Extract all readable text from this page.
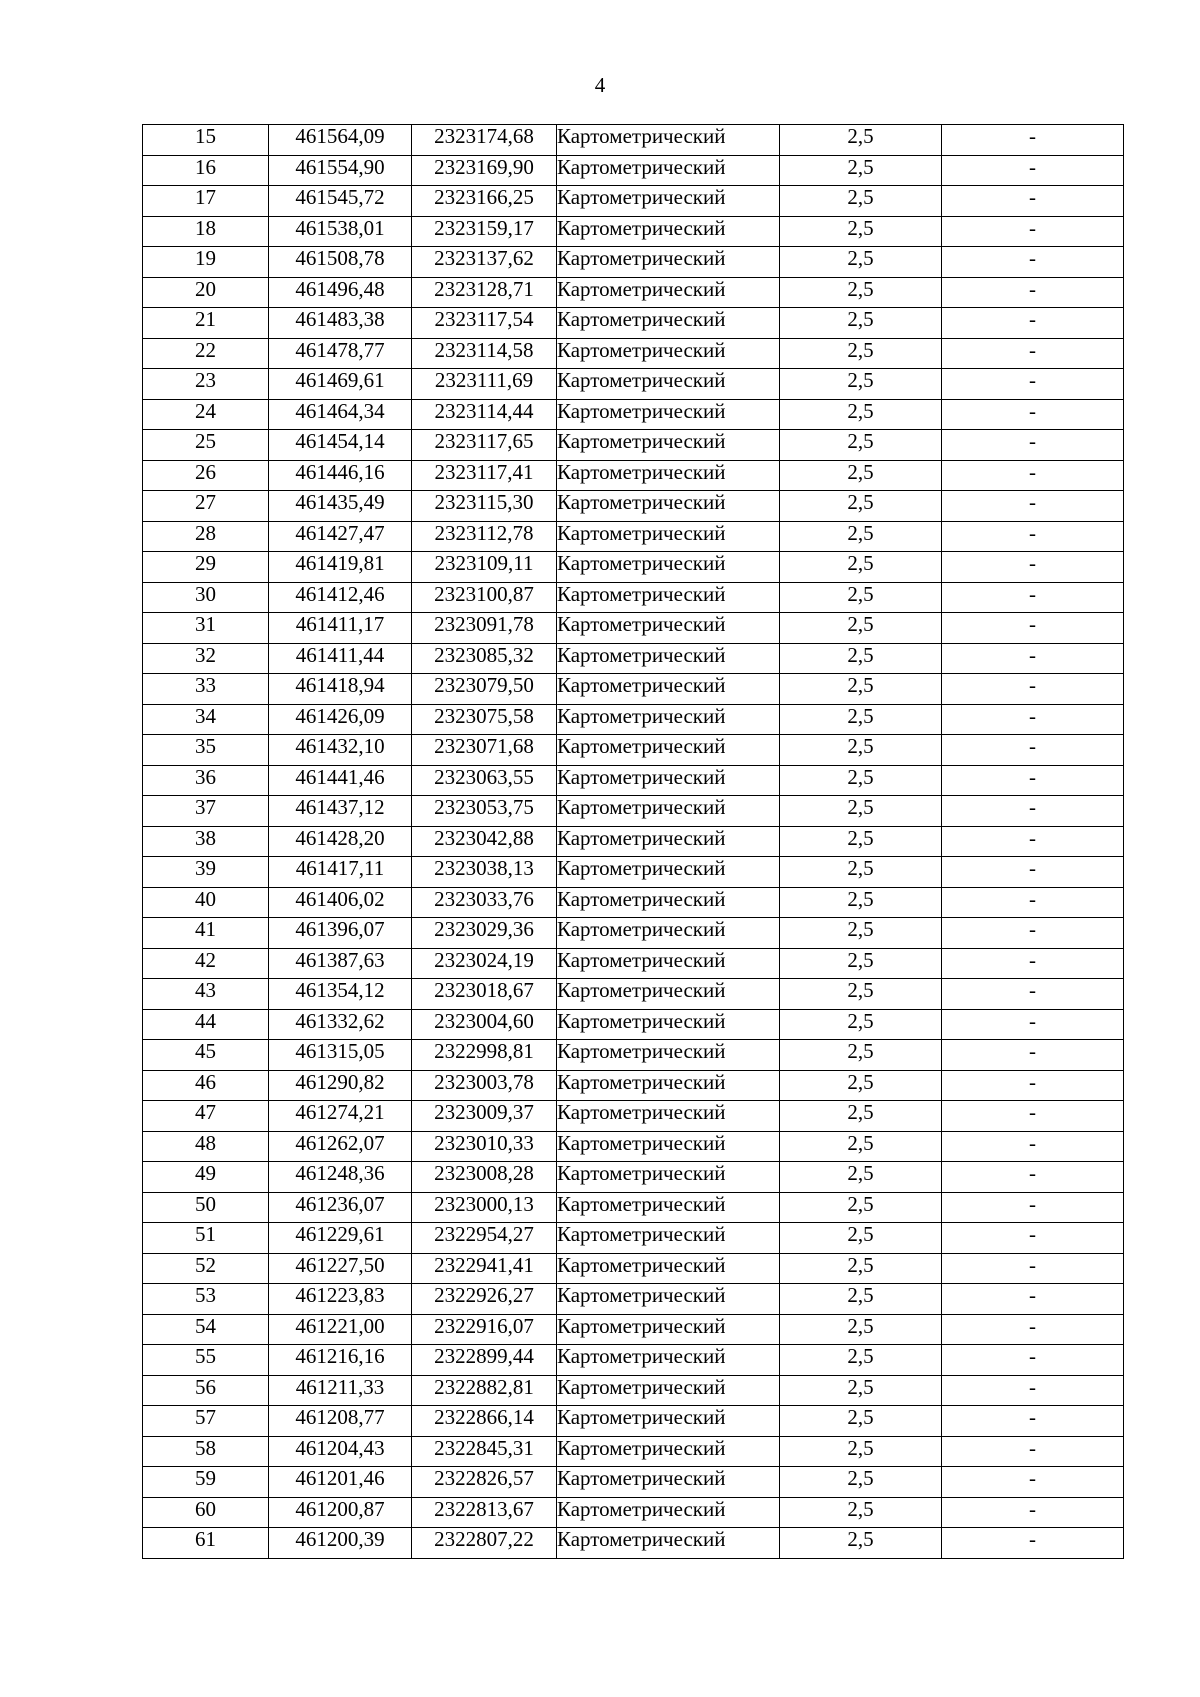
4
15	461564,09	2323174,68	Картометрический	2,5	-
16	461554,90	2323169,90	Картометрический	2,5	-
17	461545,72	2323166,25	Картометрический	2,5	-
18	461538,01	2323159,17	Картометрический	2,5	-
19	461508,78	2323137,62	Картометрический	2,5	-
20	461496,48	2323128,71	Картометрический	2,5	-
21	461483,38	2323117,54	Картометрический	2,5	-
22	461478,77	2323114,58	Картометрический	2,5	-
23	461469,61	2323111,69	Картометрический	2,5	-
24	461464,34	2323114,44	Картометрический	2,5	-
25	461454,14	2323117,65	Картометрический	2,5	-
26	461446,16	2323117,41	Картометрический	2,5	-
27	461435,49	2323115,30	Картометрический	2,5	-
28	461427,47	2323112,78	Картометрический	2,5	-
29	461419,81	2323109,11	Картометрический	2,5	-
30	461412,46	2323100,87	Картометрический	2,5	-
31	461411,17	2323091,78	Картометрический	2,5	-
32	461411,44	2323085,32	Картометрический	2,5	-
33	461418,94	2323079,50	Картометрический	2,5	-
34	461426,09	2323075,58	Картометрический	2,5	-
35	461432,10	2323071,68	Картометрический	2,5	-
36	461441,46	2323063,55	Картометрический	2,5	-
37	461437,12	2323053,75	Картометрический	2,5	-
38	461428,20	2323042,88	Картометрический	2,5	-
39	461417,11	2323038,13	Картометрический	2,5	-
40	461406,02	2323033,76	Картометрический	2,5	-
41	461396,07	2323029,36	Картометрический	2,5	-
42	461387,63	2323024,19	Картометрический	2,5	-
43	461354,12	2323018,67	Картометрический	2,5	-
44	461332,62	2323004,60	Картометрический	2,5	-
45	461315,05	2322998,81	Картометрический	2,5	-
46	461290,82	2323003,78	Картометрический	2,5	-
47	461274,21	2323009,37	Картометрический	2,5	-
48	461262,07	2323010,33	Картометрический	2,5	-
49	461248,36	2323008,28	Картометрический	2,5	-
50	461236,07	2323000,13	Картометрический	2,5	-
51	461229,61	2322954,27	Картометрический	2,5	-
52	461227,50	2322941,41	Картометрический	2,5	-
53	461223,83	2322926,27	Картометрический	2,5	-
54	461221,00	2322916,07	Картометрический	2,5	-
55	461216,16	2322899,44	Картометрический	2,5	-
56	461211,33	2322882,81	Картометрический	2,5	-
57	461208,77	2322866,14	Картометрический	2,5	-
58	461204,43	2322845,31	Картометрический	2,5	-
59	461201,46	2322826,57	Картометрический	2,5	-
60	461200,87	2322813,67	Картометрический	2,5	-
61	461200,39	2322807,22	Картометрический	2,5	-
